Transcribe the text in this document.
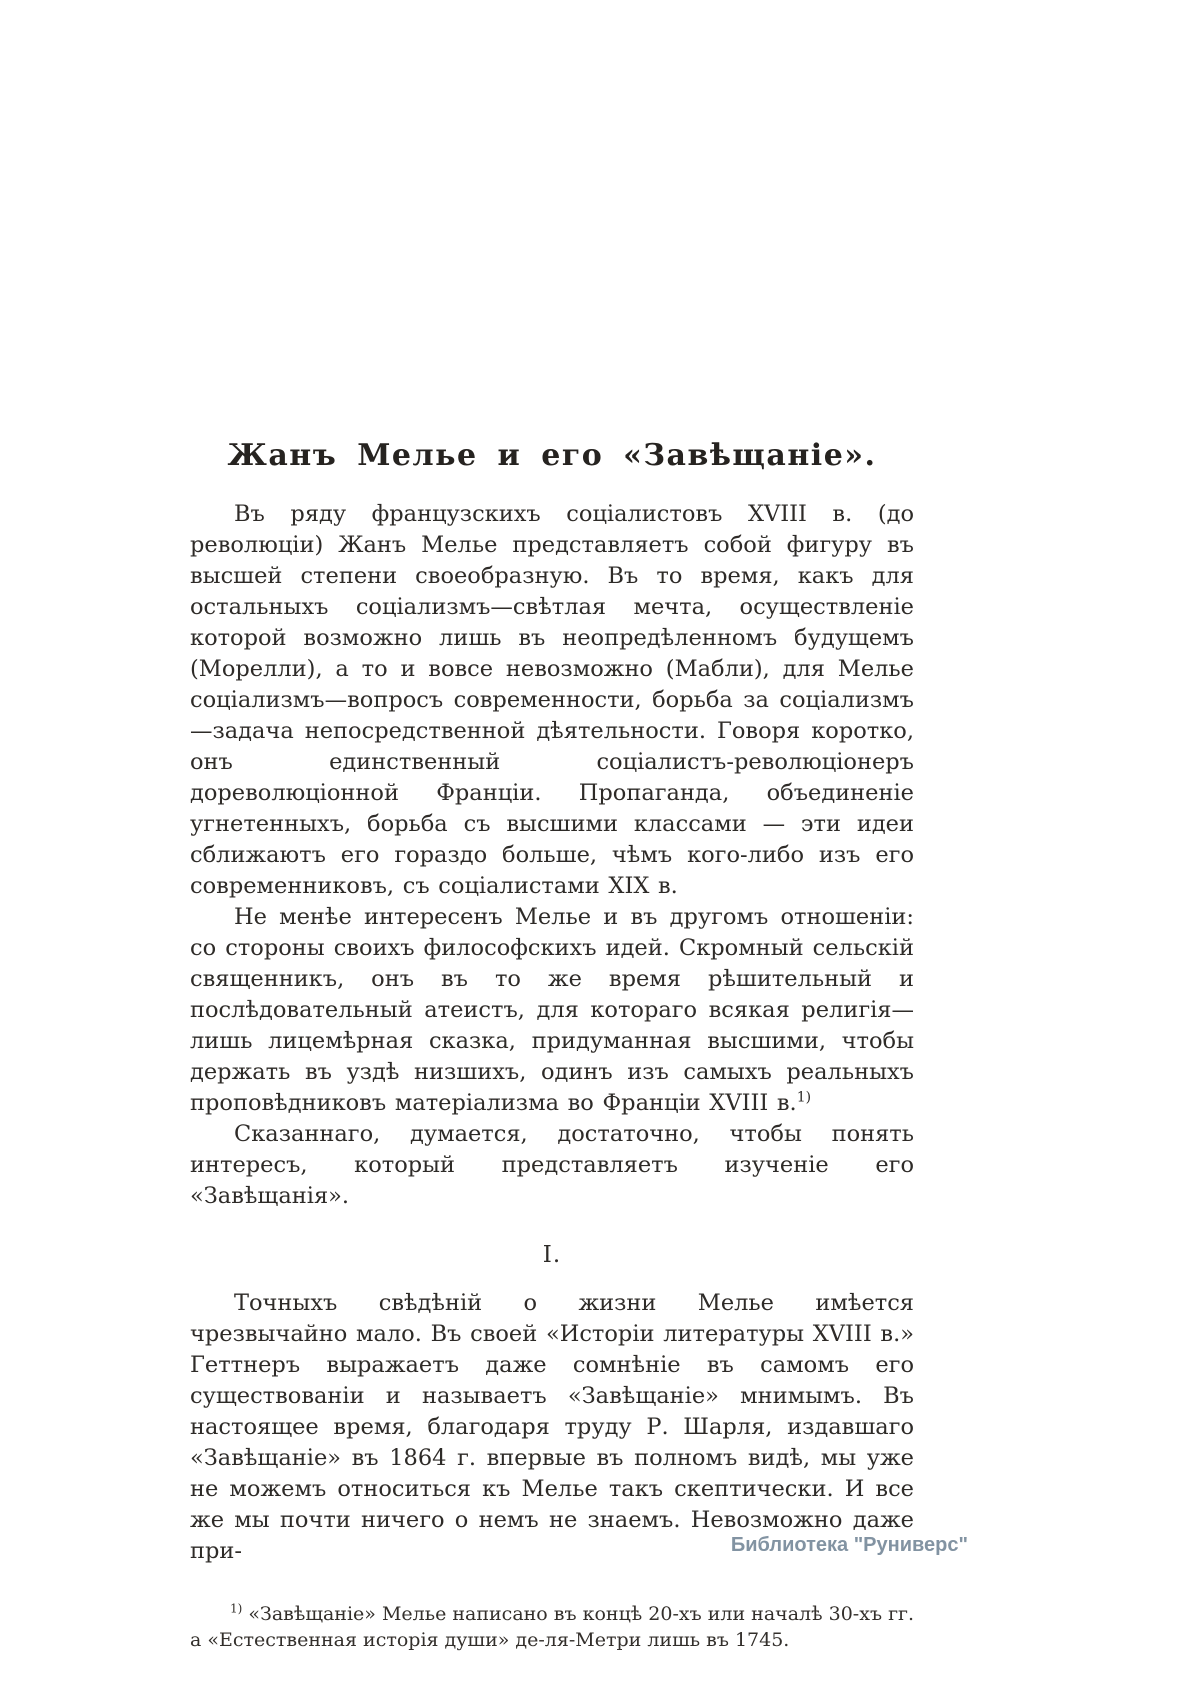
Жанъ Мелье и его «Завѣщаніе».

Въ ряду французскихъ соціалистовъ XVIII в. (до революціи) Жанъ Мелье представляетъ собой фигуру въ высшей степени своеобразную. Въ то время, какъ для остальныхъ соціализмъ—свѣтлая мечта, осуществленіе которой возможно лишь въ неопредѣленномъ будущемъ (Морелли), а то и вовсе невозможно (Мабли), для Мелье соціализмъ—вопросъ современности, борьба за соціализмъ—задача непосредственной дѣятельности. Говоря коротко, онъ единственный соціалистъ-революціонеръ дореволюціонной Франціи. Пропаганда, объединеніе угнетенныхъ, борьба съ высшими классами — эти идеи сближаютъ его гораздо больше, чѣмъ кого-либо изъ его современниковъ, съ соціалистами XIX в.

Не менѣе интересенъ Мелье и въ другомъ отношеніи: со стороны своихъ философскихъ идей. Скромный сельскій священникъ, онъ въ то же время рѣшительный и послѣдовательный атеистъ, для котораго всякая религія—лишь лицемѣрная сказка, придуманная высшими, чтобы держать въ уздѣ низшихъ, одинъ изъ самыхъ реальныхъ проповѣдниковъ матеріализма во Франціи XVIII в.$^{1)}$

Сказаннаго, думается, достаточно, чтобы понять интересъ, который представляетъ изученіе его «Завѣщанія».

I.

Точныхъ свѣдѣній о жизни Мелье имѣется чрезвычайно мало. Въ своей «Исторіи литературы XVIII в.» Геттнеръ выражаетъ даже сомнѣніе въ самомъ его существованіи и называетъ «Завѣщаніе» мнимымъ. Въ настоящее время, благодаря труду Р. Шарля, издавшаго «Завѣщаніе» въ 1864 г. впервые въ полномъ видѣ, мы уже не можемъ относиться къ Мелье такъ скептически. И все же мы почти ничего о немъ не знаемъ. Невозможно даже при-

$^{1)}$ «Завѣщаніе» Мелье написано въ концѣ 20-хъ или началѣ 30-хъ гг. а «Естественная исторія души» де-ля-Метри лишь въ 1745.
Библиотека "Руниверс"
